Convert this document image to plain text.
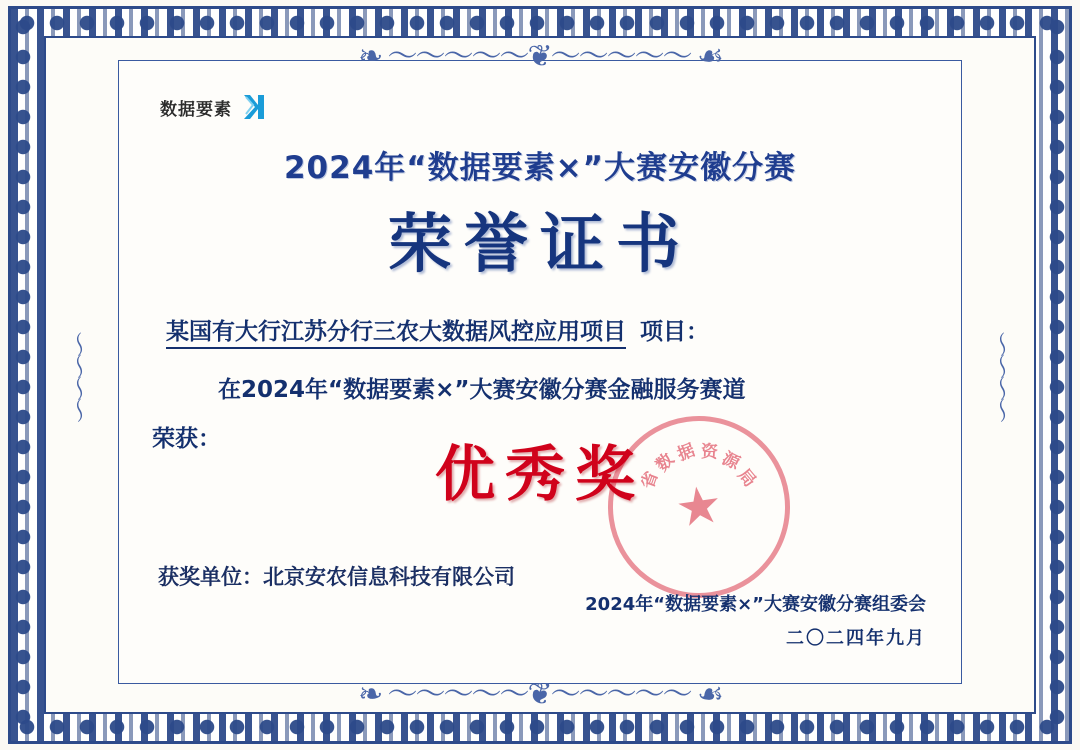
❧ ～～～～～❦～～～～～ ☙
❧ ～～～～～❦～～～～～ ☙
〜〜〜〜	〜〜〜〜
数据要素
2024年“数据要素×”大赛安徽分赛
荣誉证书
某国有大行江苏分行三农大数据风控应用项目 项目：
在2024年“数据要素×”大赛安徽分赛金融服务赛道
荣获：
优秀奖
获奖单位：北京安农信息科技有限公司
★
省
数
据 资 源
局
2024年“数据要素×”大赛安徽分赛组委会
二〇二四年九月
